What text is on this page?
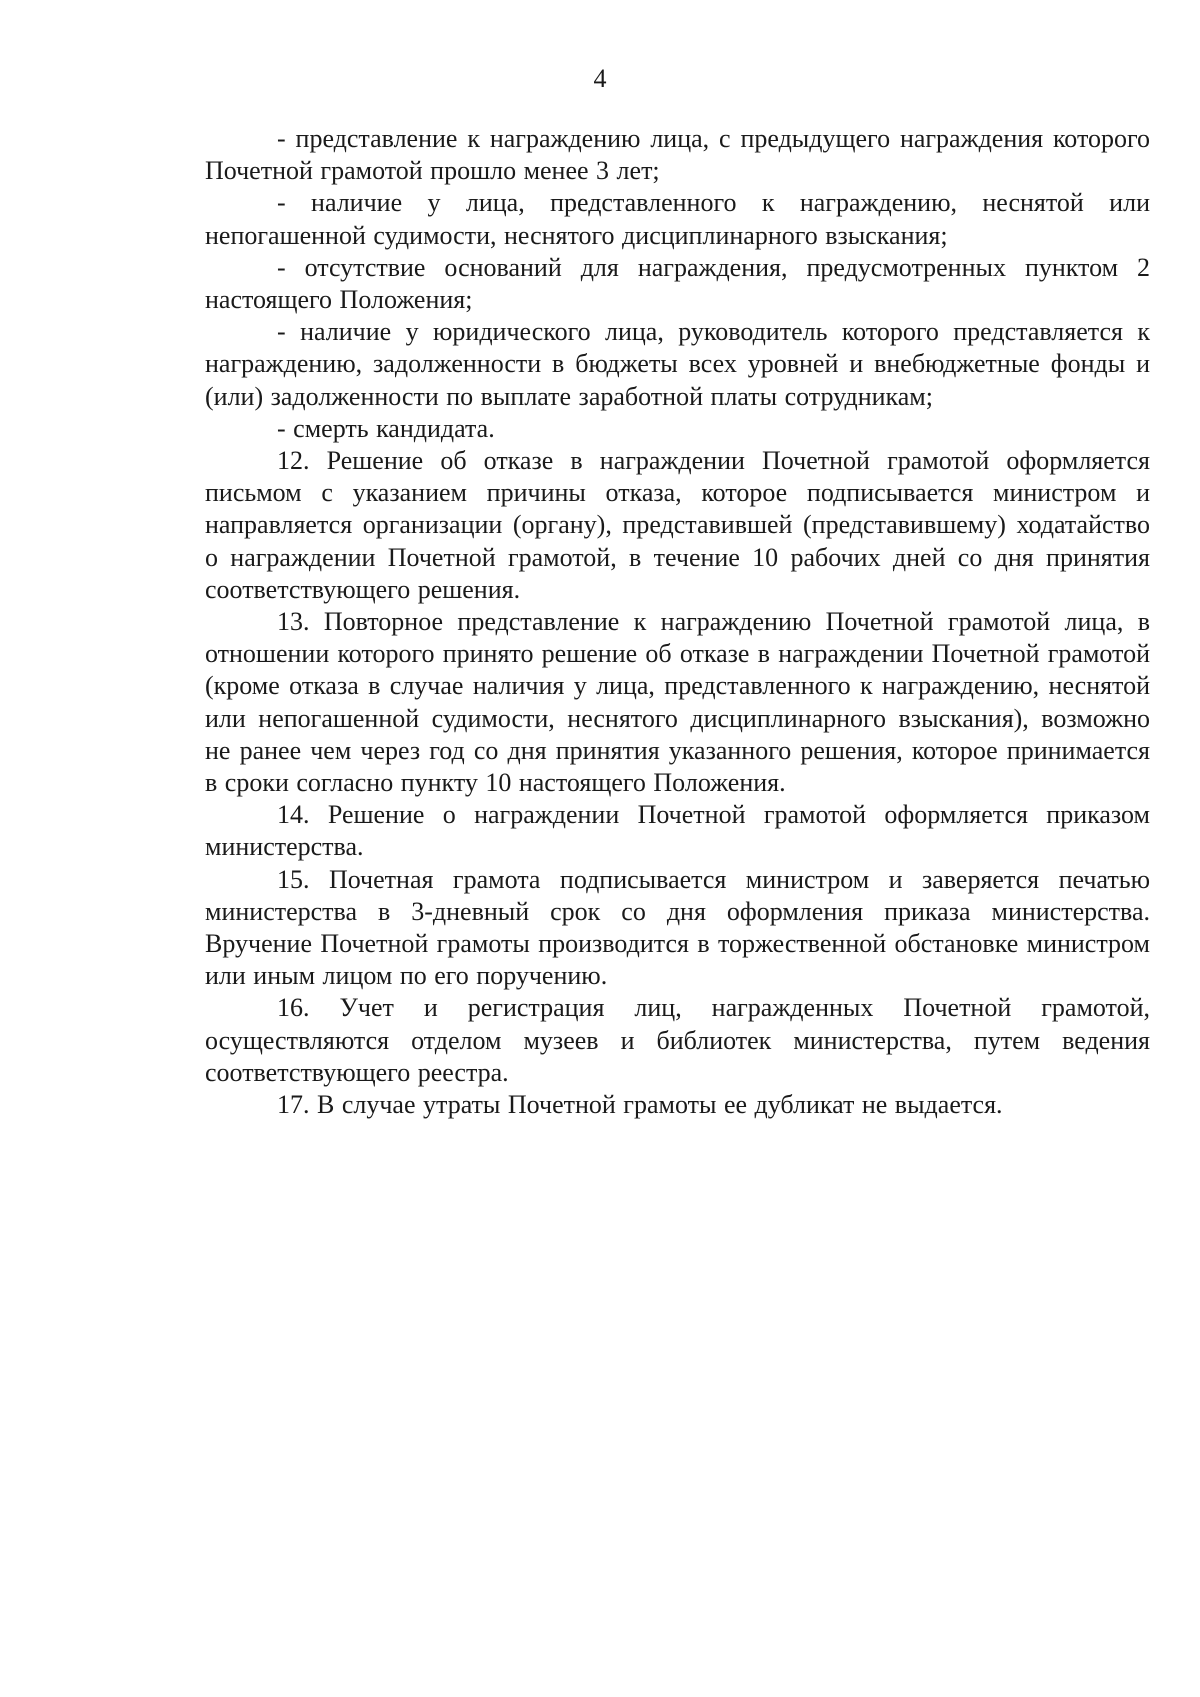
4

- представление к награждению лица, с предыдущего награждения которого Почетной грамотой прошло менее 3 лет;

- наличие у лица, представленного к награждению, неснятой или непогашенной судимости, неснятого дисциплинарного взыскания;

- отсутствие оснований для награждения, предусмотренных пунктом 2 настоящего Положения;

- наличие у юридического лица, руководитель которого представляется к награждению, задолженности в бюджеты всех уровней и внебюджетные фонды и (или) задолженности по выплате заработной платы сотрудникам;

- смерть кандидата.

12. Решение об отказе в награждении Почетной грамотой оформляется письмом с указанием причины отказа, которое подписывается министром и направляется организации (органу), представившей (представившему) ходатайство о награждении Почетной грамотой, в течение 10 рабочих дней со дня принятия соответствующего решения.

13. Повторное представление к награждению Почетной грамотой лица, в отношении которого принято решение об отказе в награждении Почетной грамотой (кроме отказа в случае наличия у лица, представленного к награждению, неснятой или непогашенной судимости, неснятого дисциплинарного взыскания), возможно не ранее чем через год со дня принятия указанного решения, которое принимается в сроки согласно пункту 10 настоящего Положения.

14. Решение о награждении Почетной грамотой оформляется приказом министерства.

15. Почетная грамота подписывается министром и заверяется печатью министерства в 3-дневный срок со дня оформления приказа министерства. Вручение Почетной грамоты производится в торжественной обстановке министром или иным лицом по его поручению.

16. Учет и регистрация лиц, награжденных Почетной грамотой, осуществляются отделом музеев и библиотек министерства, путем ведения соответствующего реестра.

17. В случае утраты Почетной грамоты ее дубликат не выдается.
